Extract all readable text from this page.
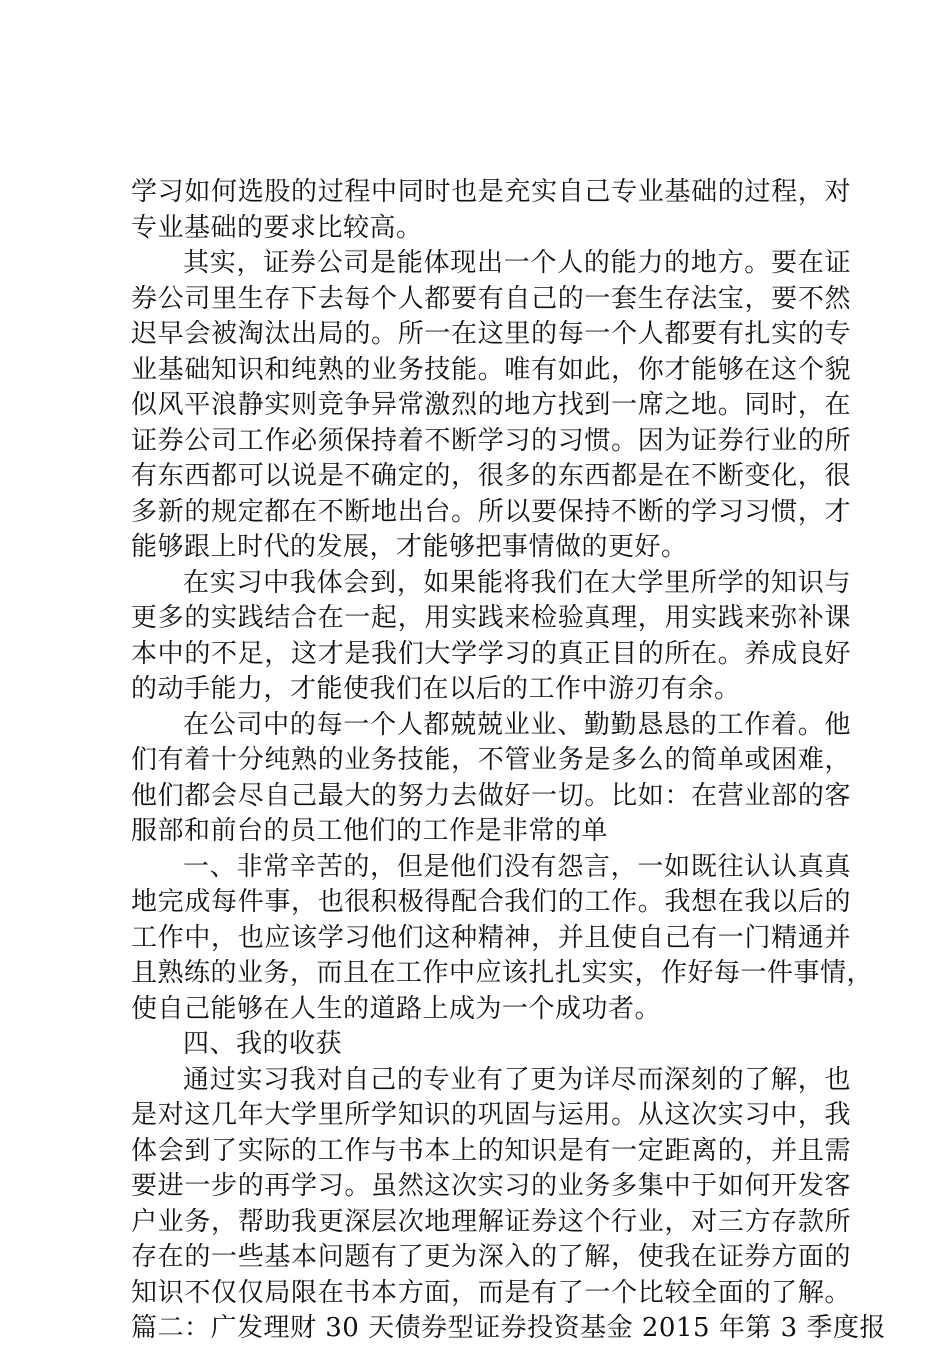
学习如何选股的过程中同时也是充实自己专业基础的过程，对
专业基础的要求比较高。
其实，证券公司是能体现出一个人的能力的地方。要在证
券公司里生存下去每个人都要有自己的一套生存法宝，要不然
迟早会被淘汰出局的。所一在这里的每一个人都要有扎实的专
业基础知识和纯熟的业务技能。唯有如此，你才能够在这个貌
似风平浪静实则竞争异常激烈的地方找到一席之地。同时，在
证券公司工作必须保持着不断学习的习惯。因为证券行业的所
有东西都可以说是不确定的，很多的东西都是在不断变化，很
多新的规定都在不断地出台。所以要保持不断的学习习惯，才
能够跟上时代的发展，才能够把事情做的更好。
在实习中我体会到，如果能将我们在大学里所学的知识与
更多的实践结合在一起，用实践来检验真理，用实践来弥补课
本中的不足，这才是我们大学学习的真正目的所在。养成良好
的动手能力，才能使我们在以后的工作中游刃有余。
在公司中的每一个人都兢兢业业、勤勤恳恳的工作着。他
们有着十分纯熟的业务技能，不管业务是多么的简单或困难，
他们都会尽自己最大的努力去做好一切。比如：在营业部的客
服部和前台的员工他们的工作是非常的单
一、非常辛苦的，但是他们没有怨言，一如既往认认真真
地完成每件事，也很积极得配合我们的工作。我想在我以后的
工作中，也应该学习他们这种精神，并且使自己有一门精通并
且熟练的业务，而且在工作中应该扎扎实实，作好每一件事情，
使自己能够在人生的道路上成为一个成功者。
四、我的收获
通过实习我对自己的专业有了更为详尽而深刻的了解，也
是对这几年大学里所学知识的巩固与运用。从这次实习中，我
体会到了实际的工作与书本上的知识是有一定距离的，并且需
要进一步的再学习。虽然这次实习的业务多集中于如何开发客
户业务，帮助我更深层次地理解证券这个行业，对三方存款所
存在的一些基本问题有了更为深入的了解，使我在证券方面的
知识不仅仅局限在书本方面，而是有了一个比较全面的了解。
篇二：广发理财 30 天债券型证券投资基金 2015 年第 3 季度报
